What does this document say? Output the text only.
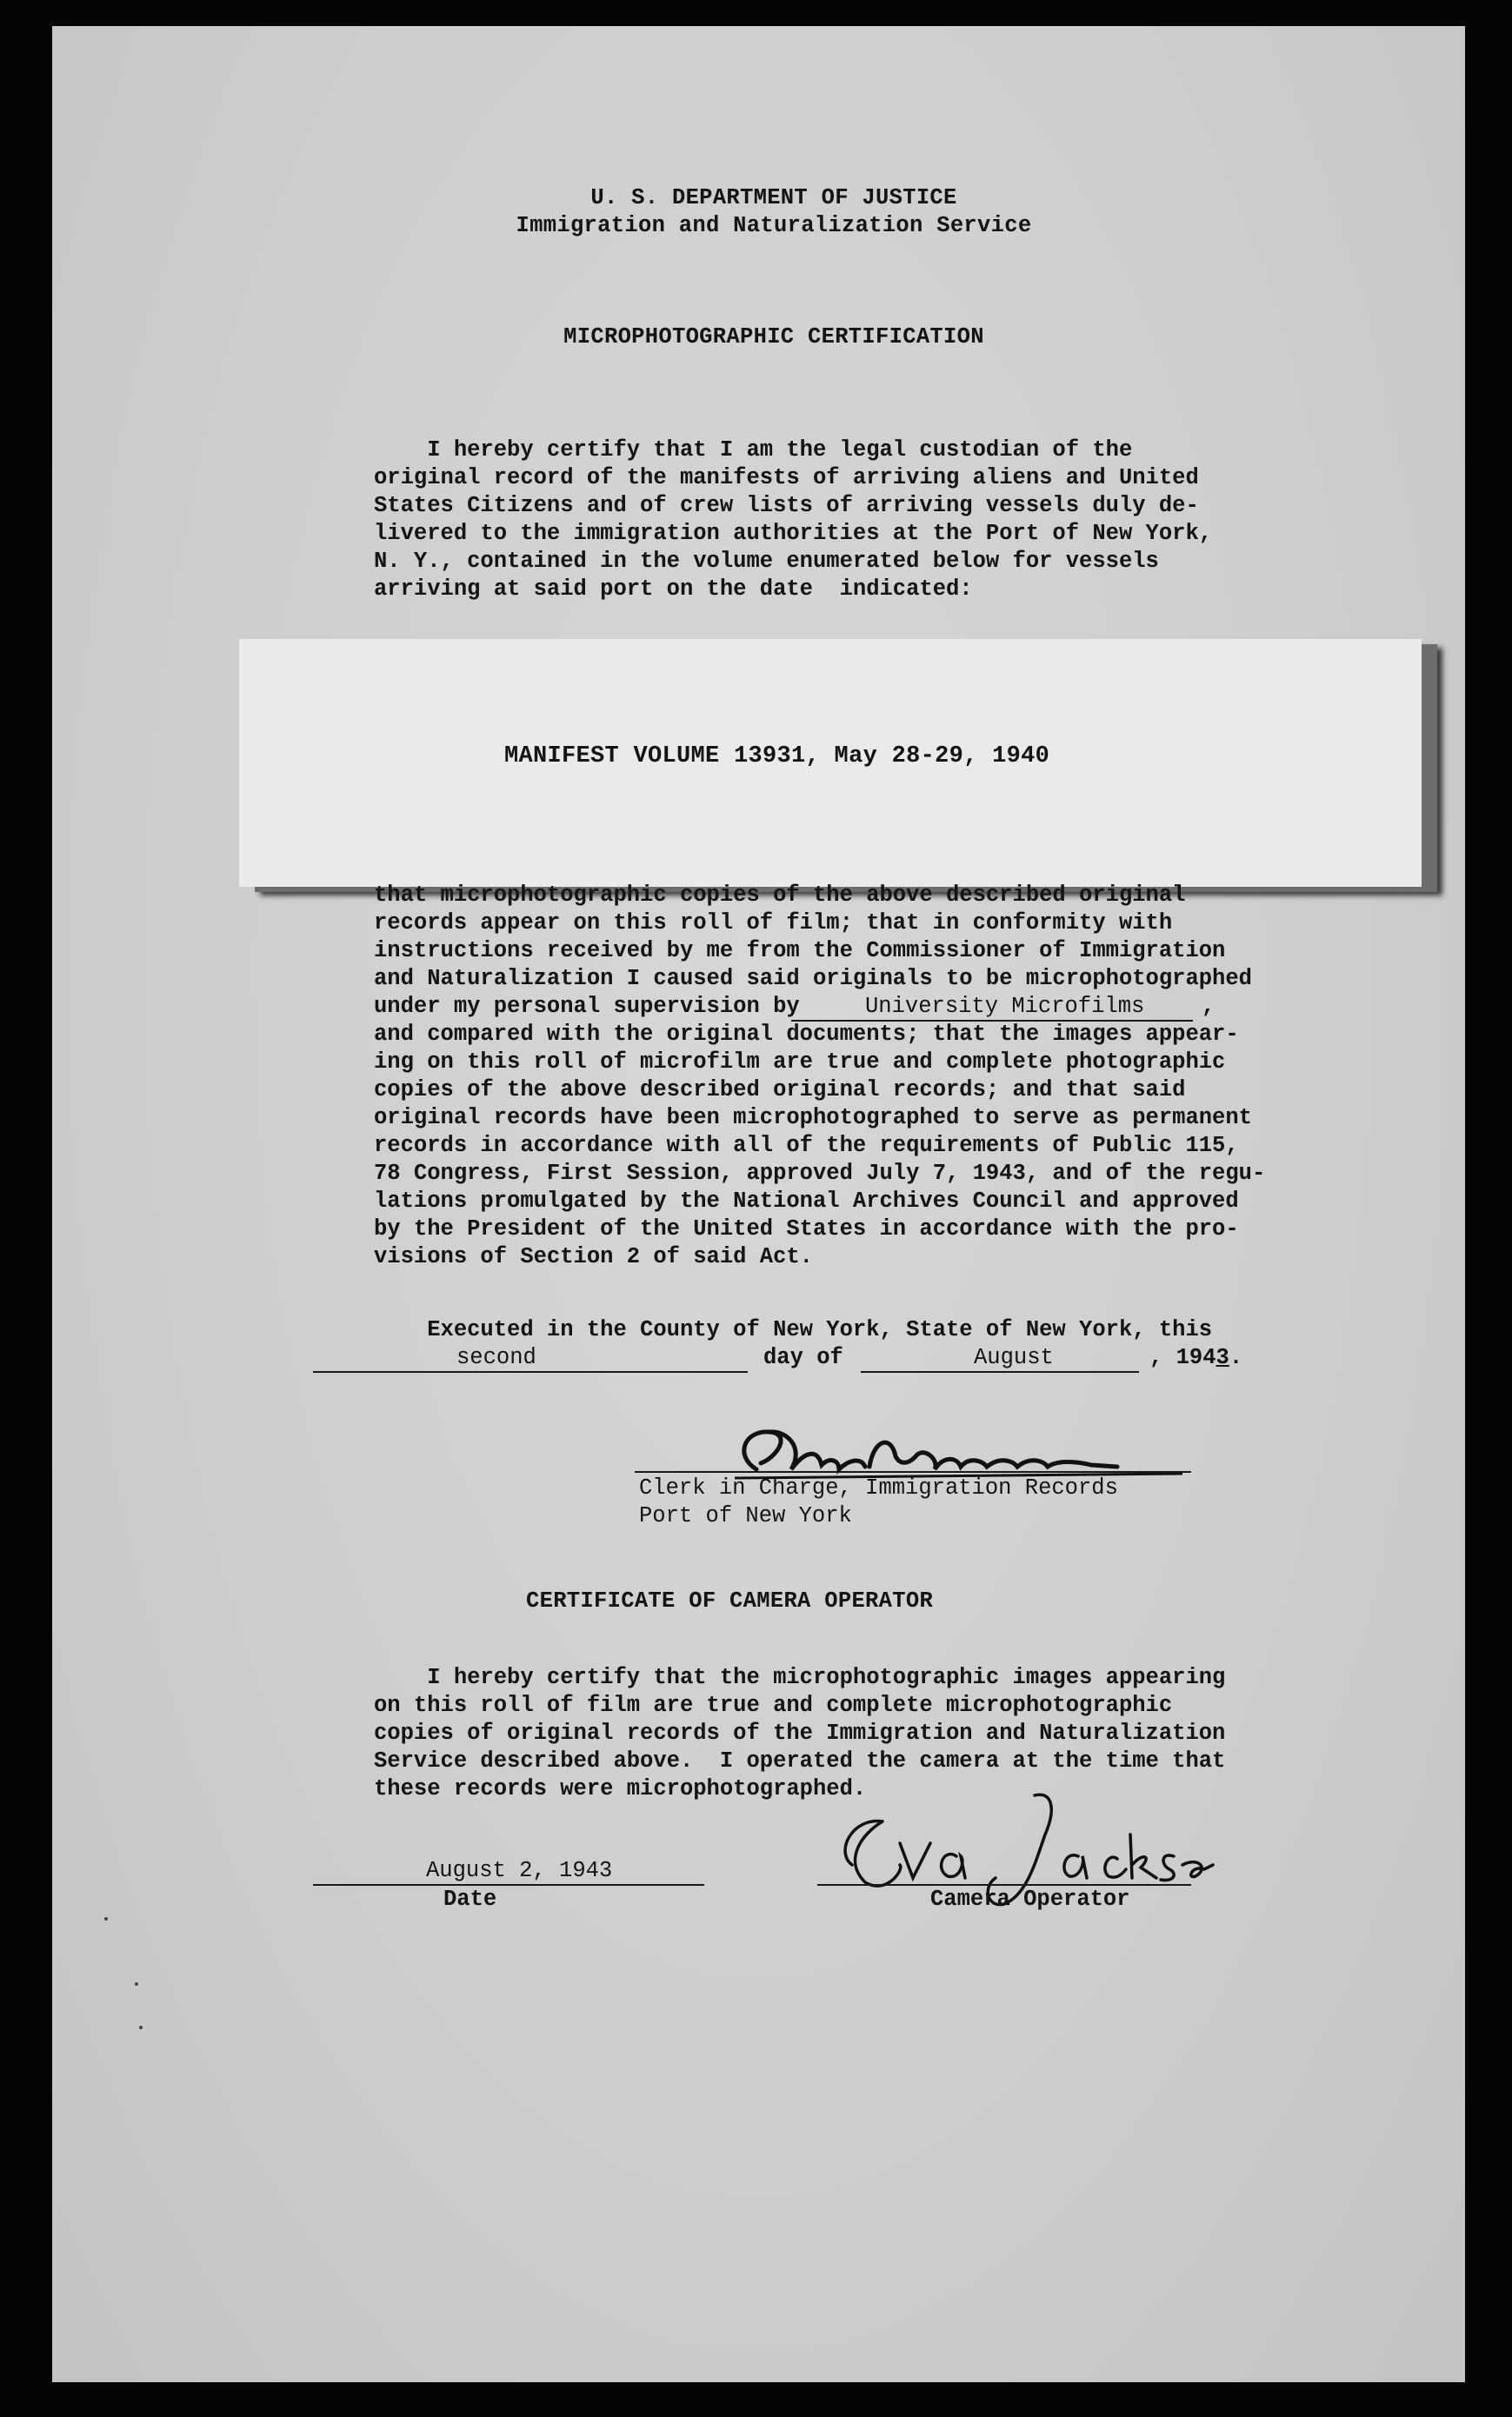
U. S. DEPARTMENT OF JUSTICE
Immigration and Naturalization Service
MICROPHOTOGRAPHIC CERTIFICATION
I hereby certify that I am the legal custodian of the
original record of the manifests of arriving aliens and United
States Citizens and of crew lists of arriving vessels duly de-
livered to the immigration authorities at the Port of New York,
N. Y., contained in the volume enumerated below for vessels
arriving at said port on the date  indicated:
MANIFEST VOLUME 13931, May 28-29, 1940
that microphotographic copies of the above described original
records appear on this roll of film; that in conformity with
instructions received by me from the Commissioner of Immigration
and Naturalization I caused said originals to be microphotographed
under my personal supervision by	University Microfilms	,
and compared with the original documents; that the images appear-
ing on this roll of microfilm are true and complete photographic
copies of the above described original records; and that said
original records have been microphotographed to serve as permanent
records in accordance with all of the requirements of Public 115,
78 Congress, First Session, approved July 7, 1943, and of the regu-
lations promulgated by the National Archives Council and approved
by the President of the United States in accordance with the pro-
visions of Section 2 of said Act.
Executed in the County of New York, State of New York, this
second	day of	August	, 1943.
Clerk in Charge, Immigration Records
Port of New York
CERTIFICATE OF CAMERA OPERATOR
I hereby certify that the microphotographic images appearing
on this roll of film are true and complete microphotographic
copies of original records of the Immigration and Naturalization
Service described above.  I operated the camera at the time that
these records were microphotographed.
August 2, 1943
Date	Camera Operator
